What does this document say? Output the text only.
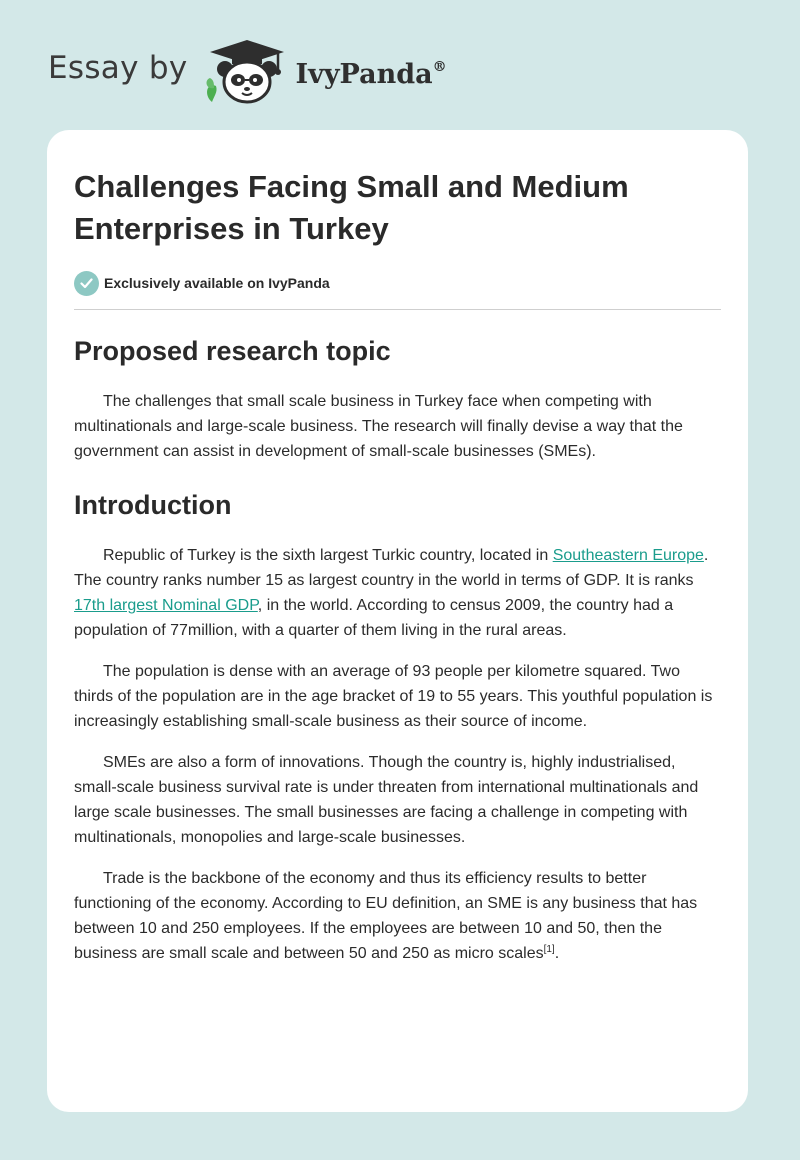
Essay by	IvyPanda®
Challenges Facing Small and Medium Enterprises in Turkey
Exclusively available on IvyPanda
Proposed research topic

The challenges that small scale business in Turkey face when competing with multinationals and large-scale business. The research will finally devise a way that the government can assist in development of small-scale businesses (SMEs).

Introduction

Republic of Turkey is the sixth largest Turkic country, located in Southeastern Europe. The country ranks number 15 as largest country in the world in terms of GDP. It is ranks 17th largest Nominal GDP, in the world. According to census 2009, the country had a population of 77million, with a quarter of them living in the rural areas.

The population is dense with an average of 93 people per kilometre squared. Two thirds of the population are in the age bracket of 19 to 55 years. This youthful population is increasingly establishing small-scale business as their source of income.

SMEs are also a form of innovations. Though the country is, highly industrialised, small-scale business survival rate is under threaten from international multinationals and large scale businesses. The small businesses are facing a challenge in competing with multinationals, monopolies and large-scale businesses.

Trade is the backbone of the economy and thus its efficiency results to better functioning of the economy. According to EU definition, an SME is any business that has between 10 and 250 employees. If the employees are between 10 and 50, then the business are small scale and between 50 and 250 as micro scales[1].
